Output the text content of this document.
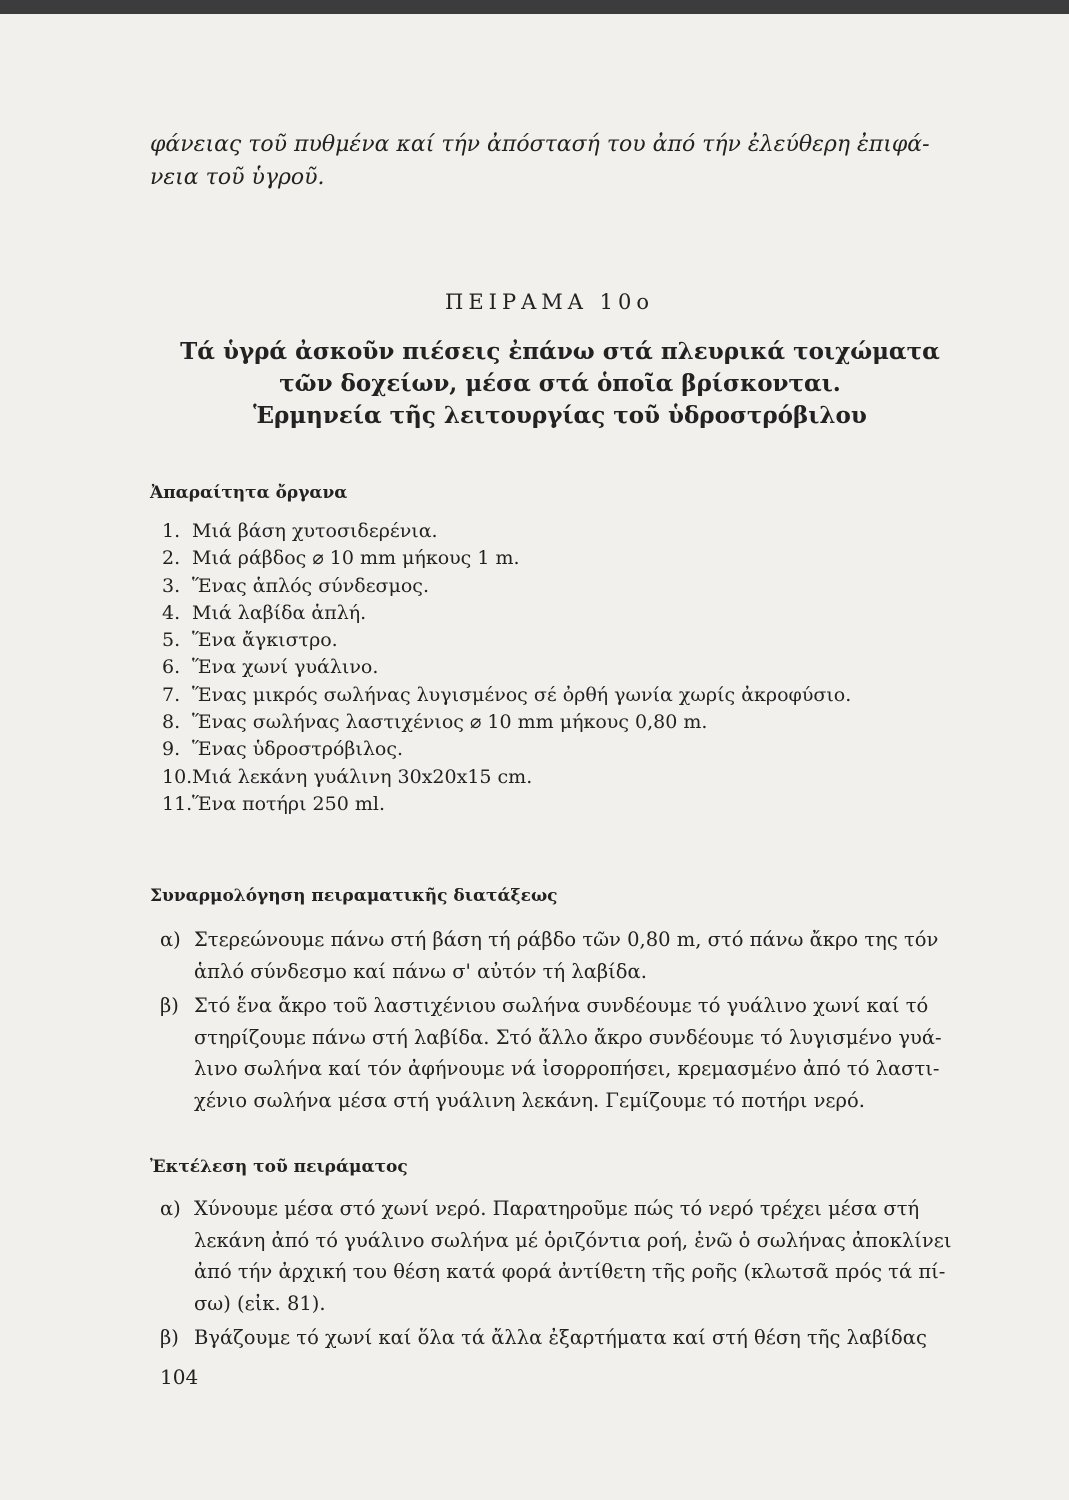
φάνειας τοῦ πυθμένα καί τήν ἀπόστασή του ἀπό τήν ἐλεύθερη ἐπιφά-νεια τοῦ ὑγροῦ.
ΠΕΙΡΑΜΑ 10ο
Τά ὑγρά ἀσκοῦν πιέσεις ἐπάνω στά πλευρικά τοιχώματα
τῶν δοχείων, μέσα στά ὁποῖα βρίσκονται.
Ἑρμηνεία τῆς λειτουργίας τοῦ ὑδροστρόβιλου
Ἀπαραίτητα ὄργανα
1. Μιά βάση χυτοσιδερένια.
2. Μιά ράβδος ⌀ 10 mm μήκους 1 m.
3. Ἕνας ἁπλός σύνδεσμος.
4. Μιά λαβίδα ἁπλή.
5. Ἕνα ἄγκιστρο.
6. Ἕνα χωνί γυάλινο.
7. Ἕνας μικρός σωλήνας λυγισμένος σέ ὀρθή γωνία χωρίς ἀκροφύσιο.
8. Ἕνας σωλήνας λαστιχένιος ⌀ 10 mm μήκους 0,80 m.
9. Ἕνας ὑδροστρόβιλος.
10.Μιά λεκάνη γυάλινη 30x20x15 cm.
11.Ἕνα ποτήρι 250 ml.
Συναρμολόγηση πειραματικῆς διατάξεως
α) Στερεώνουμε πάνω στή βάση τή ράβδο τῶν 0,80 m, στό πάνω ἄκρο της τόν ἁπλό σύνδεσμο καί πάνω σ' αὐτόν τή λαβίδα.
β) Στό ἕνα ἄκρο τοῦ λαστιχένιου σωλήνα συνδέουμε τό γυάλινο χωνί καί τό στηρίζουμε πάνω στή λαβίδα. Στό ἄλλο ἄκρο συνδέουμε τό λυγισμένο γυά-λινο σωλήνα καί τόν ἀφήνουμε νά ἰσορροπήσει, κρεμασμένο ἀπό τό λαστι-χένιο σωλήνα μέσα στή γυάλινη λεκάνη. Γεμίζουμε τό ποτήρι νερό.
Ἐκτέλεση τοῦ πειράματος
α) Χύνουμε μέσα στό χωνί νερό. Παρατηροῦμε πώς τό νερό τρέχει μέσα στή λεκάνη ἀπό τό γυάλινο σωλήνα μέ ὁριζόντια ροή, ἐνῶ ὁ σωλήνας ἀποκλίνει ἀπό τήν ἀρχική του θέση κατά φορά ἀντίθετη τῆς ροῆς (κλωτσᾶ πρός τά πί-σω) (εἰκ. 81).
β) Βγάζουμε τό χωνί καί ὅλα τά ἄλλα ἐξαρτήματα καί στή θέση τῆς λαβίδας
104
